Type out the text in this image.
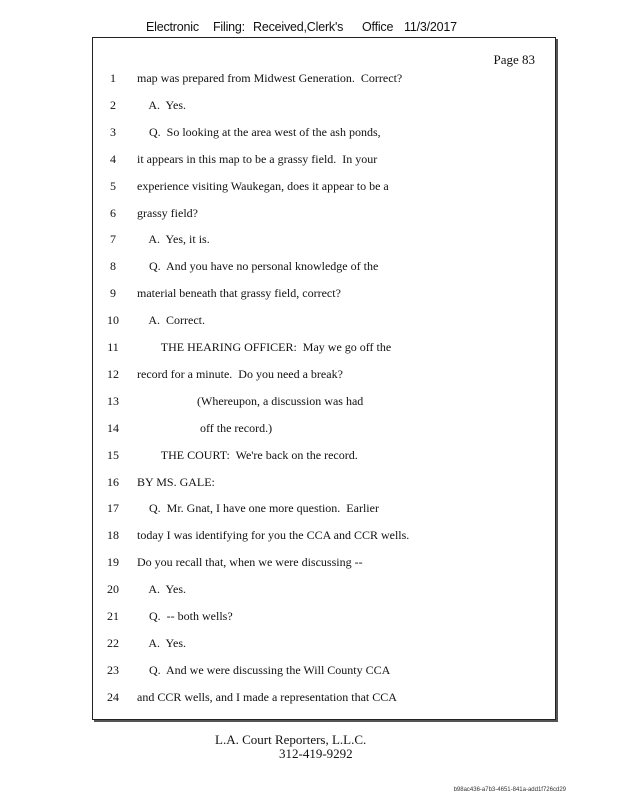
Electronic Filing: Received,Clerk's Office 11/3/2017
Page 83
1	map was prepared from Midwest Generation.  Correct?
2	A.  Yes.
3	Q.  So looking at the area west of the ash ponds,
4	it appears in this map to be a grassy field.  In your
5	experience visiting Waukegan, does it appear to be a
6	grassy field?
7	A.  Yes, it is.
8	Q.  And you have no personal knowledge of the
9	material beneath that grassy field, correct?
10	A.  Correct.
11	THE HEARING OFFICER:  May we go off the
12	record for a minute.  Do you need a break?
13	(Whereupon, a discussion was had
14	off the record.)
15	THE COURT:  We're back on the record.
16	BY MS. GALE:
17	Q.  Mr. Gnat, I have one more question.  Earlier
18	today I was identifying for you the CCA and CCR wells.
19	Do you recall that, when we were discussing --
20	A.  Yes.
21	Q.  -- both wells?
22	A.  Yes.
23	Q.  And we were discussing the Will County CCA
24	and CCR wells, and I made a representation that CCA
L.A. Court Reporters, L.L.C.
312-419-9292
b98ac436-a7b3-4651-841a-add1f726cd29
